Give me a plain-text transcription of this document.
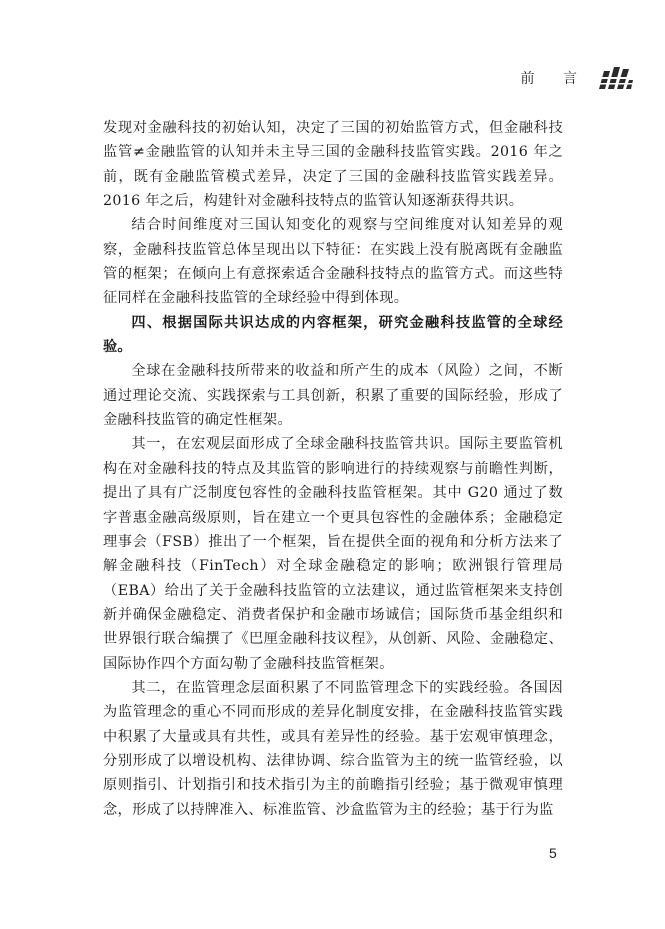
前 言

发现对金融科技的初始认知，决定了三国的初始监管方式，但金融科技监管≠金融监管的认知并未主导三国的金融科技监管实践。2016 年之前，既有金融监管模式差异，决定了三国的金融科技监管实践差异。2016 年之后，构建针对金融科技特点的监管认知逐渐获得共识。

结合时间维度对三国认知变化的观察与空间维度对认知差异的观察，金融科技监管总体呈现出以下特征：在实践上没有脱离既有金融监管的框架；在倾向上有意探索适合金融科技特点的监管方式。而这些特征同样在金融科技监管的全球经验中得到体现。

四、根据国际共识达成的内容框架，研究金融科技监管的全球经验。

全球在金融科技所带来的收益和所产生的成本（风险）之间，不断通过理论交流、实践探索与工具创新，积累了重要的国际经验，形成了金融科技监管的确定性框架。

其一，在宏观层面形成了全球金融科技监管共识。国际主要监管机构在对金融科技的特点及其监管的影响进行的持续观察与前瞻性判断，提出了具有广泛制度包容性的金融科技监管框架。其中 G20 通过了数字普惠金融高级原则，旨在建立一个更具包容性的金融体系；金融稳定理事会（FSB）推出了一个框架，旨在提供全面的视角和分析方法来了解金融科技（FinTech）对全球金融稳定的影响；欧洲银行管理局（EBA）给出了关于金融科技监管的立法建议，通过监管框架来支持创新并确保金融稳定、消费者保护和金融市场诚信；国际货币基金组织和世界银行联合编撰了《巴厘金融科技议程》，从创新、风险、金融稳定、国际协作四个方面勾勒了金融科技监管框架。

其二，在监管理念层面积累了不同监管理念下的实践经验。各国因为监管理念的重心不同而形成的差异化制度安排，在金融科技监管实践中积累了大量或具有共性，或具有差异性的经验。基于宏观审慎理念，分别形成了以增设机构、法律协调、综合监管为主的统一监管经验，以原则指引、计划指引和技术指引为主的前瞻指引经验；基于微观审慎理念，形成了以持牌准入、标准监管、沙盒监管为主的经验；基于行为监

5
